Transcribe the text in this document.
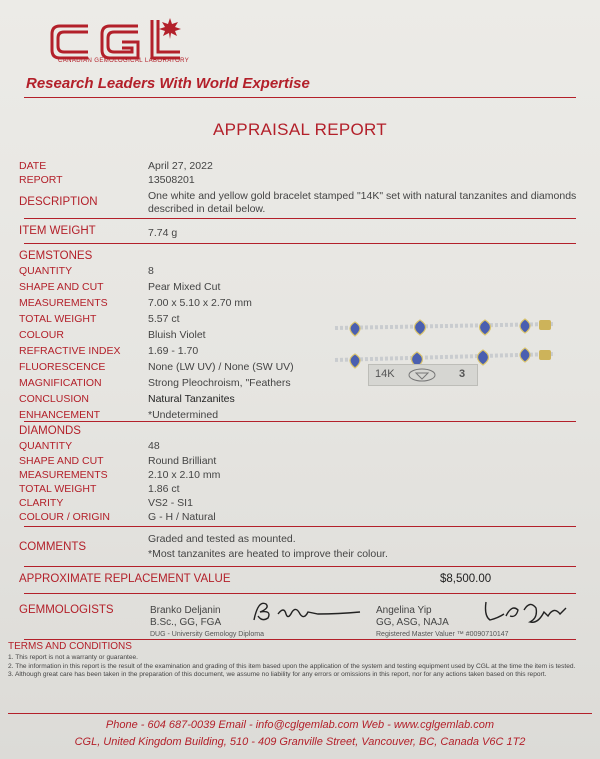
CANADIAN GEMOLOGICAL LABORATORY
Research Leaders With World Expertise
APPRAISAL REPORT
DATE	April 27, 2022
REPORT	13508201
DESCRIPTION	One white and yellow gold bracelet stamped "14K" set with natural tanzanites and diamonds described in detail below.
ITEM WEIGHT	7.74 g
GEMSTONES
QUANTITY	8
SHAPE AND CUT	Pear Mixed Cut
MEASUREMENTS	7.00 x 5.10 x 2.70 mm
TOTAL WEIGHT	5.57 ct
COLOUR	Bluish Violet
REFRACTIVE INDEX	1.69 - 1.70
FLUORESCENCE	None (LW UV) / None (SW UV)
MAGNIFICATION	Strong Pleochroism, "Feathers
CONCLUSION	Natural Tanzanites
ENHANCEMENT	*Undetermined
14K	3
DIAMONDS
QUANTITY	48
SHAPE AND CUT	Round Brilliant
MEASUREMENTS	2.10 x 2.10 mm
TOTAL WEIGHT	1.86 ct
CLARITY	VS2 - SI1
COLOUR / ORIGIN	G - H / Natural
COMMENTS
Graded and tested as mounted.
*Most tanzanites are heated to improve their colour.
APPROXIMATE REPLACEMENT VALUE	$8,500.00
GEMMOLOGISTS	Branko Deljanin
B.Sc., GG, FGA
DUG - University Gemology Diploma
Angelina Yip
GG, ASG, NAJA
Registered Master Valuer ™ #0090710147
TERMS AND CONDITIONS
1. This report is not a warranty or guarantee.
2. The information in this report is the result of the examination and grading of this item based upon the application of the system and testing equipment used by CGL at the time the item is tested.
3. Although great care has been taken in the preparation of this document, we assume no liability for any errors or omissions in this report, nor for any actions taken based on this report.
Phone - 604 687-0039 Email - info@cglgemlab.com Web - www.cglgemlab.com
CGL, United Kingdom Building, 510 - 409 Granville Street, Vancouver, BC, Canada V6C 1T2
